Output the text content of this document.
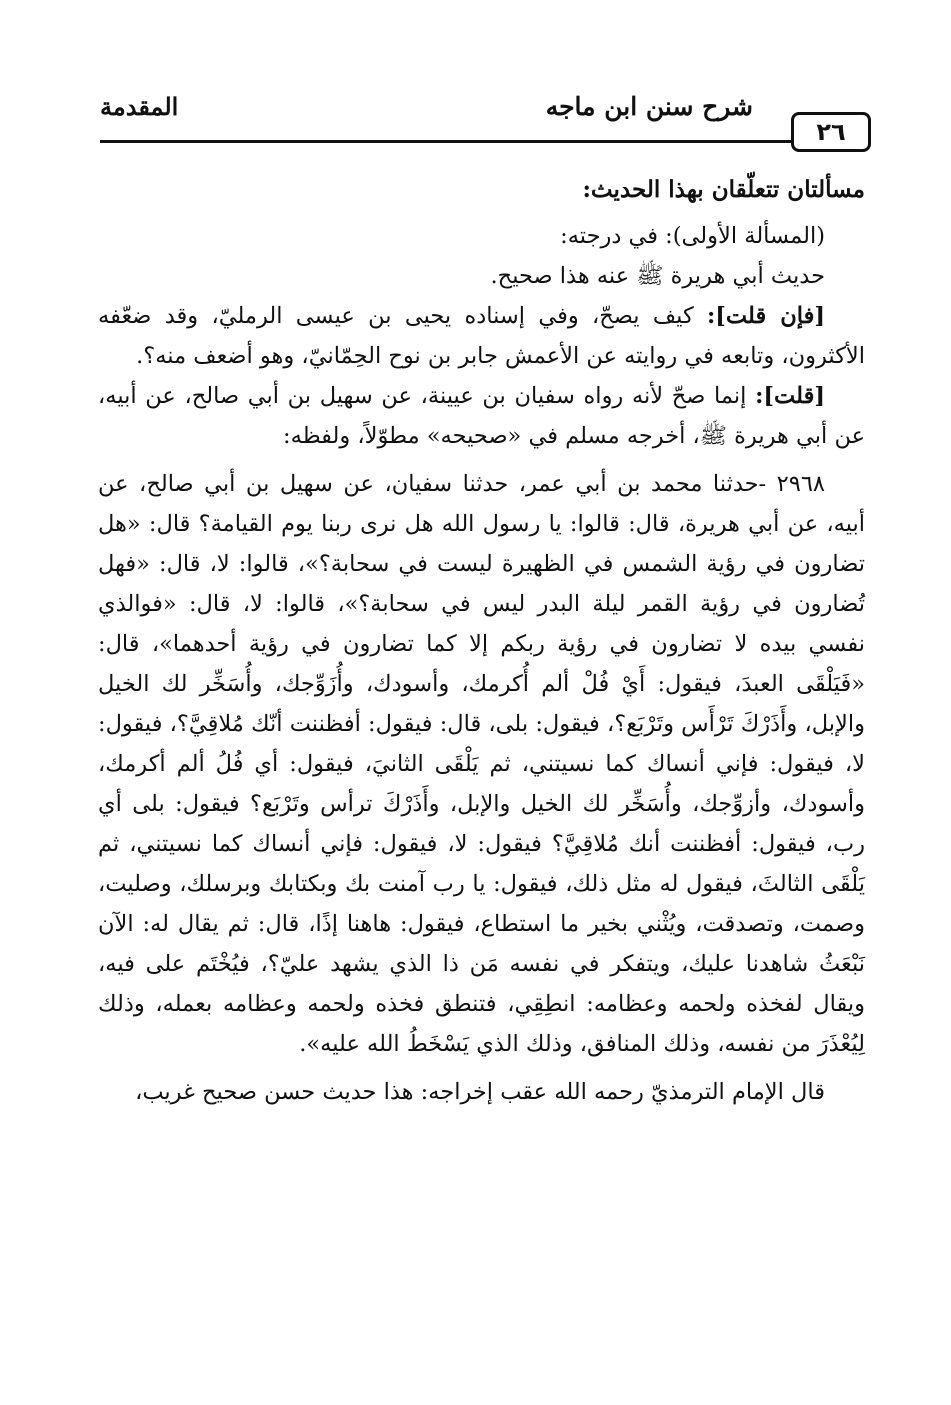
٢٦
شرح سنن ابن ماجه
المقدمة

مسألتان تتعلّقان بهذا الحديث:

(المسألة الأولى): في درجته:

حديث أبي هريرة ﷺ عنه هذا صحيح.

[فإن قلت]: كيف يصحّ، وفي إسناده يحيى بن عيسى الرمليّ، وقد ضعّفه الأكثرون، وتابعه في روايته عن الأعمش جابر بن نوح الحِمّانيّ، وهو أضعف منه؟.

[قلت]: إنما صحّ لأنه رواه سفيان بن عيينة، عن سهيل بن أبي صالح، عن أبيه، عن أبي هريرة ﷺ، أخرجه مسلم في «صحيحه» مطوّلاً، ولفظه:

٢٩٦٨ -حدثنا محمد بن أبي عمر، حدثنا سفيان، عن سهيل بن أبي صالح، عن أبيه، عن أبي هريرة، قال: قالوا: يا رسول الله هل نرى ربنا يوم القيامة؟ قال: «هل تضارون في رؤية الشمس في الظهيرة ليست في سحابة؟»، قالوا: لا، قال: «فهل تُضارون في رؤية القمر ليلة البدر ليس في سحابة؟»، قالوا: لا، قال: «فوالذي نفسي بيده لا تضارون في رؤية ربكم إلا كما تضارون في رؤية أحدهما»، قال: «فَيَلْقَى العبدَ، فيقول: أَيْ فُلْ ألم أُكرمك، وأسودك، وأُزَوِّجك، وأُسَخِّر لك الخيل والإبل، وأَذَرْكَ تَرْأَس وتَرْبَع؟، فيقول: بلى، قال: فيقول: أفظننت أنّك مُلاقِيَّ؟، فيقول: لا، فيقول: فإني أنساك كما نسيتني، ثم يَلْقَى الثانيَ، فيقول: أي فُلُ ألم أكرمك، وأسودك، وأزوِّجك، وأُسَخِّر لك الخيل والإبل، وأَذَرْكَ ترأس وتَرْبَع؟ فيقول: بلى أي رب، فيقول: أفظننت أنك مُلاقِيَّ؟ فيقول: لا، فيقول: فإني أنساك كما نسيتني، ثم يَلْقَى الثالثَ، فيقول له مثل ذلك، فيقول: يا رب آمنت بك وبكتابك وبرسلك، وصليت، وصمت، وتصدقت، ويُثْني بخير ما استطاع، فيقول: هاهنا إذًا، قال: ثم يقال له: الآن نَبْعَثُ شاهدنا عليك، ويتفكر في نفسه مَن ذا الذي يشهد عليّ؟، فيُخْتَم على فيه، ويقال لفخذه ولحمه وعظامه: انطِقِي، فتنطق فخذه ولحمه وعظامه بعمله، وذلك لِيُعْذَرَ من نفسه، وذلك المنافق، وذلك الذي يَسْخَطُ الله عليه».

قال الإمام الترمذيّ رحمه الله عقب إخراجه: هذا حديث حسن صحيح غريب،
